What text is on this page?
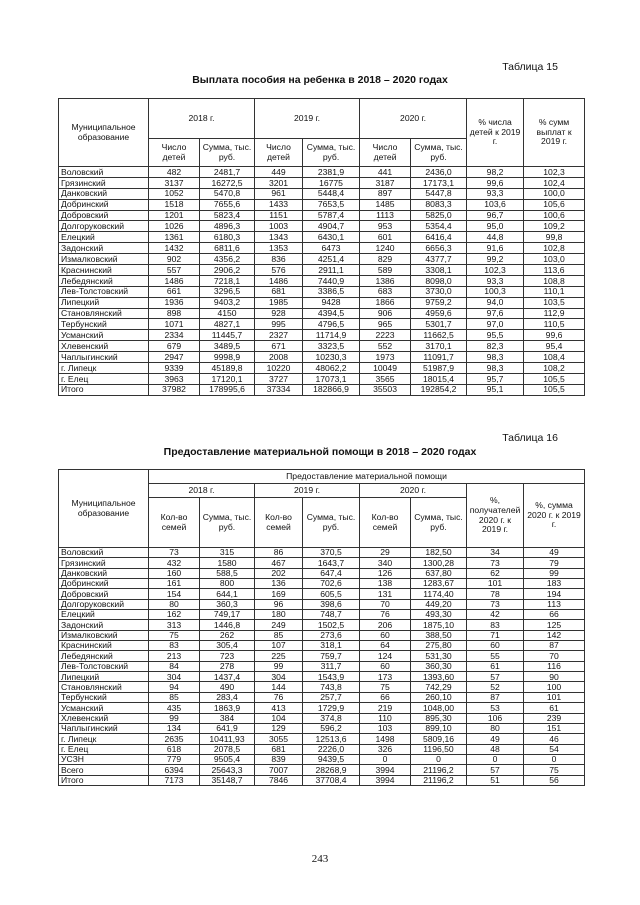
Таблица 15
Выплата пособия на ребенка в 2018 – 2020 годах
Муниципальное образование	2018 г.		2019 г.		2020 г.		% числа детей к 2019 г.	% сумм выплат к 2019 г.
	Число детей	Сумма, тыс. руб.	Число детей	Сумма, тыс. руб.	Число детей	Сумма, тыс. руб.		
Воловский	482	2481,7	449	2381,9	441	2436,0	98,2	102,3
Грязинский	3137	16272,5	3201	16775	3187	17173,1	99,6	102,4
Данковский	1052	5470,8	961	5448,4	897	5447,8	93,3	100,0
Добринский	1518	7655,6	1433	7653,5	1485	8083,3	103,6	105,6
Добровский	1201	5823,4	1151	5787,4	1113	5825,0	96,7	100,6
Долгоруковский	1026	4896,3	1003	4904,7	953	5354,4	95,0	109,2
Елецкий	1361	6180,3	1343	6430,1	601	6416,4	44,8	99,8
Задонский	1432	6811,6	1353	6473	1240	6656,3	91,6	102,8
Измалковский	902	4356,2	836	4251,4	829	4377,7	99,2	103,0
Краснинский	557	2906,2	576	2911,1	589	3308,1	102,3	113,6
Лебедянский	1486	7218,1	1486	7440,9	1386	8098,0	93,3	108,8
Лев-Толстовский	661	3296,5	681	3386,5	683	3730,0	100,3	110,1
Липецкий	1936	9403,2	1985	9428	1866	9759,2	94,0	103,5
Становлянский	898	4150	928	4394,5	906	4959,6	97,6	112,9
Тербунский	1071	4827,1	995	4796,5	965	5301,7	97,0	110,5
Усманский	2334	11445,7	2327	11714,9	2223	11662,5	95,5	99,6
Хлевенский	679	3489,5	671	3323,5	552	3170,1	82,3	95,4
Чаплыгинский	2947	9998,9	2008	10230,3	1973	11091,7	98,3	108,4
г. Липецк	9339	45189,8	10220	48062,2	10049	51987,9	98,3	108,2
г. Елец	3963	17120,1	3727	17073,1	3565	18015,4	95,7	105,5
Итого	37982	178995,6	37334	182866,9	35503	192854,2	95,1	105,5
Таблица 16
Предоставление материальной помощи в 2018 – 2020 годах
Муниципальное образование	Предоставление материальной помощи							
	2018 г.		2019 г.		2020 г.		%, получателей 2020 г. к 2019 г.	%, сумма 2020 г. к 2019 г.
	Кол-во семей	Сумма, тыс. руб.	Кол-во семей	Сумма, тыс. руб.	Кол-во семей	Сумма, тыс. руб.		
Воловский	73	315	86	370,5	29	182,50	34	49
Грязинский	432	1580	467	1643,7	340	1300,28	73	79
Данковский	160	588,5	202	647,4	126	637,80	62	99
Добринский	161	800	136	702,6	138	1283,67	101	183
Добровский	154	644,1	169	605,5	131	1174,40	78	194
Долгоруковский	80	360,3	96	398,6	70	449,20	73	113
Елецкий	162	749,17	180	748,7	76	493,30	42	66
Задонский	313	1446,8	249	1502,5	206	1875,10	83	125
Измалковский	75	262	85	273,6	60	388,50	71	142
Краснинский	83	305,4	107	318,1	64	275,80	60	87
Лебедянский	213	723	225	759,7	124	531,30	55	70
Лев-Толстовский	84	278	99	311,7	60	360,30	61	116
Липецкий	304	1437,4	304	1543,9	173	1393,60	57	90
Становлянский	94	490	144	743,8	75	742,29	52	100
Тербунский	85	283,4	76	257,7	66	260,10	87	101
Усманский	435	1863,9	413	1729,9	219	1048,00	53	61
Хлевенский	99	384	104	374,8	110	895,30	106	239
Чаплыгинский	134	641,9	129	596,2	103	899,10	80	151
г. Липецк	2635	10411,93	3055	12513,6	1498	5809,16	49	46
г. Елец	618	2078,5	681	2226,0	326	1196,50	48	54
УСЗН	779	9505,4	839	9439,5	0	0	0	0
Всего	6394	25643,3	7007	28268,9	3994	21196,2	57	75
Итого	7173	35148,7	7846	37708,4	3994	21196,2	51	56
243
